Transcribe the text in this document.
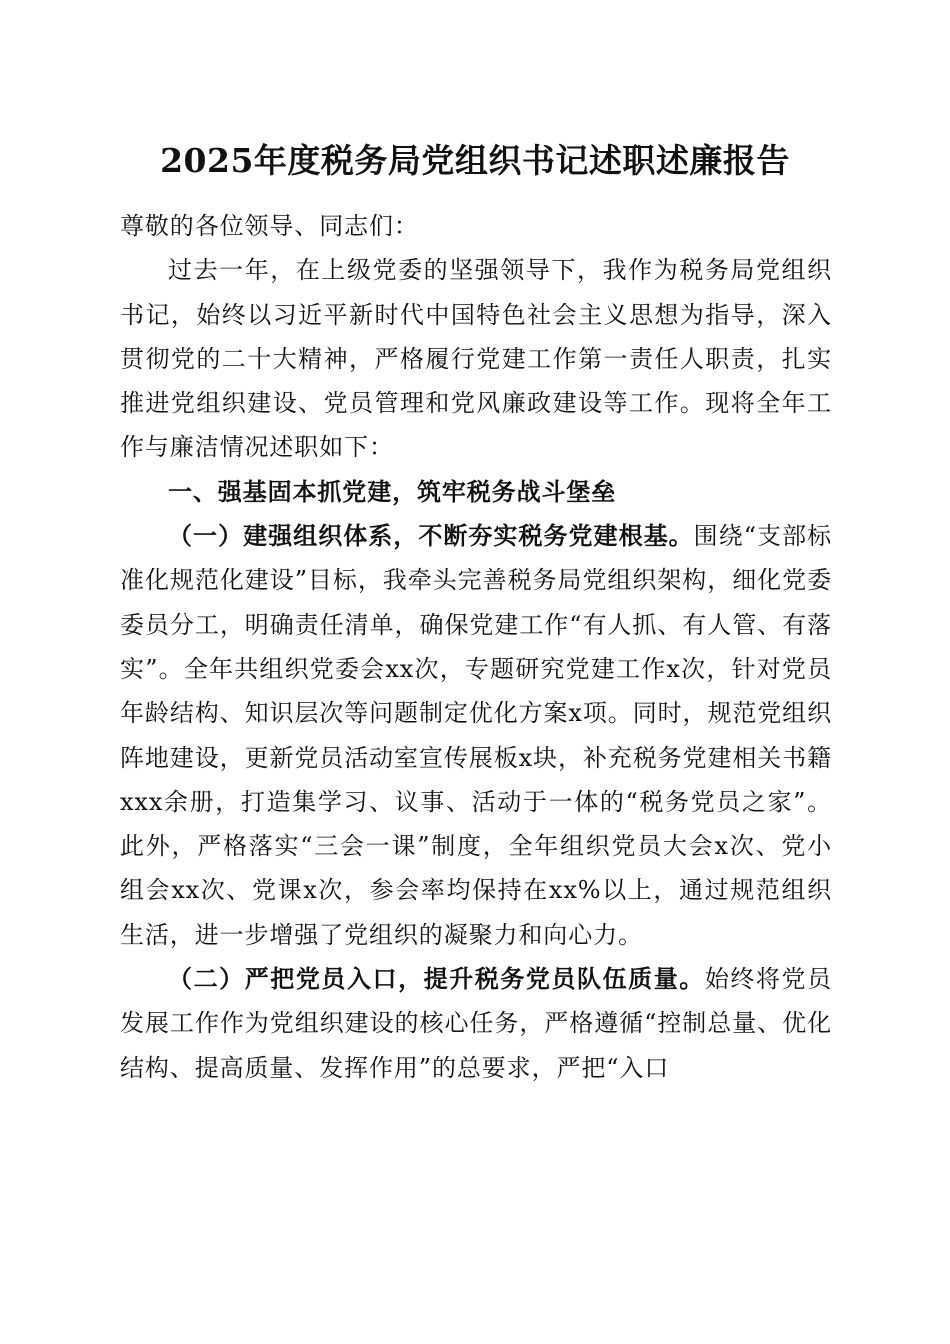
2025年度税务局党组织书记述职述廉报告

尊敬的各位领导、同志们：

过去一年，在上级党委的坚强领导下，我作为税务局党组织书记，始终以习近平新时代中国特色社会主义思想为指导，深入贯彻党的二十大精神，严格履行党建工作第一责任人职责，扎实推进党组织建设、党员管理和党风廉政建设等工作。现将全年工作与廉洁情况述职如下：

一、强基固本抓党建，筑牢税务战斗堡垒

（一）建强组织体系，不断夯实税务党建根基。围绕“支部标准化规范化建设”目标，我牵头完善税务局党组织架构，细化党委委员分工，明确责任清单，确保党建工作“有人抓、有人管、有落实”。全年共组织党委会xx次，专题研究党建工作x次，针对党员年龄结构、知识层次等问题制定优化方案x项。同时，规范党组织阵地建设，更新党员活动室宣传展板x块，补充税务党建相关书籍xxx余册，打造集学习、议事、活动于一体的“税务党员之家”。此外，严格落实“三会一课”制度，全年组织党员大会x次、党小组会xx次、党课x次，参会率均保持在xx%以上，通过规范组织生活，进一步增强了党组织的凝聚力和向心力。

（二）严把党员入口，提升税务党员队伍质量。始终将党员发展工作作为党组织建设的核心任务，严格遵循“控制总量、优化结构、提高质量、发挥作用”的总要求，严把“入口
